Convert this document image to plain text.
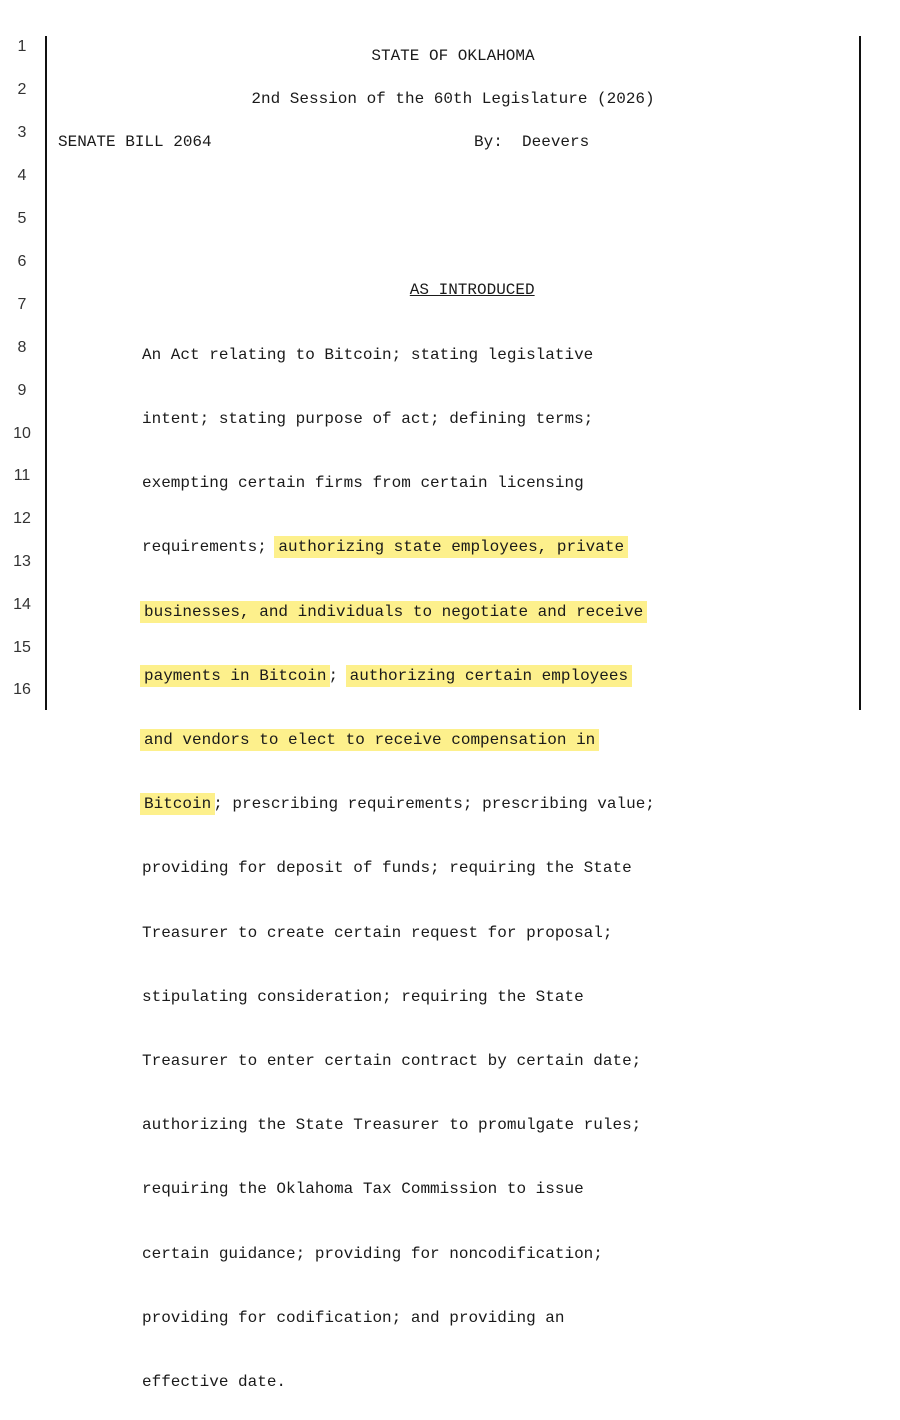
1
2
3
4
5
6
7
8
9
10
11
12
13
14
15
16
STATE OF OKLAHOMA
2nd Session of the 60th Legislature (2026)
SENATE BILL 2064	By:  Deevers

AS INTRODUCED

An Act relating to Bitcoin; stating legislative

intent; stating purpose of act; defining terms;

exempting certain firms from certain licensing

requirements; authorizing state employees, private

businesses, and individuals to negotiate and receive

payments in Bitcoin ; authorizing certain employees

and vendors to elect to receive compensation in

Bitcoin ; prescribing requirements; prescribing value;

providing for deposit of funds; requiring the State

Treasurer to create certain request for proposal;

stipulating consideration; requiring the State

Treasurer to enter certain contract by certain date;

authorizing the State Treasurer to promulgate rules;

requiring the Oklahoma Tax Commission to issue

certain guidance; providing for noncodification;

providing for codification; and providing an

effective date.
